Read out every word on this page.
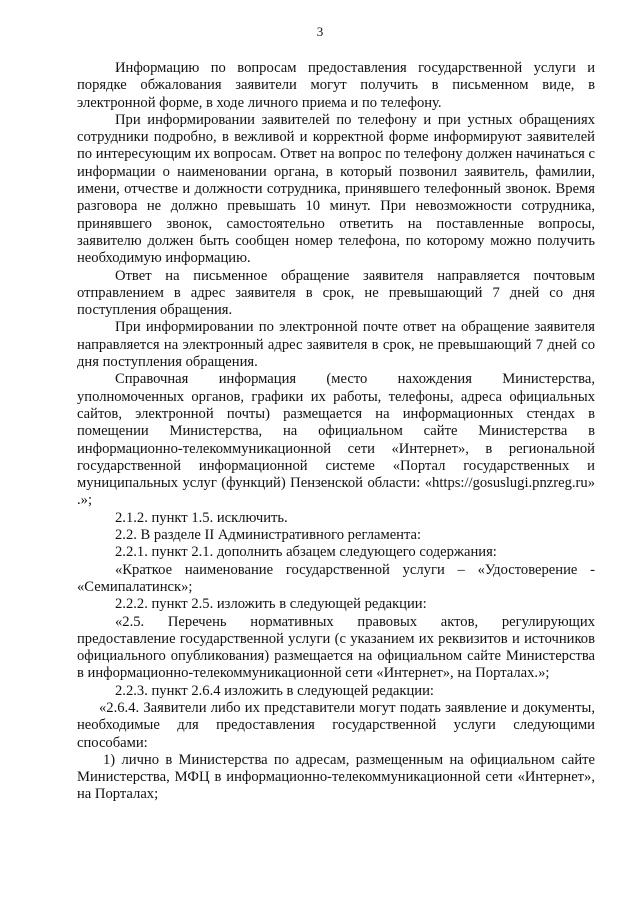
3

Информацию по вопросам предоставления государственной услуги и порядке обжалования заявители могут получить в письменном виде, в электронной форме, в ходе личного приема и по телефону.

При информировании заявителей по телефону и при устных обращениях сотрудники подробно, в вежливой и корректной форме информируют заявителей по интересующим их вопросам. Ответ на вопрос по телефону должен начинаться с информации о наименовании органа, в который позвонил заявитель, фамилии, имени, отчестве и должности сотрудника, принявшего телефонный звонок. Время разговора не должно превышать 10 минут. При невозможности сотрудника, принявшего звонок, самостоятельно ответить на поставленные вопросы, заявителю должен быть сообщен номер телефона, по которому можно получить необходимую информацию.

Ответ на письменное обращение заявителя направляется почтовым отправлением в адрес заявителя в срок, не превышающий 7 дней со дня поступления обращения.

При информировании по электронной почте ответ на обращение заявителя направляется на электронный адрес заявителя в срок, не превышающий 7 дней со дня поступления обращения.

Справочная информация (место нахождения Министерства, уполномоченных органов, графики их работы, телефоны, адреса официальных сайтов, электронной почты) размещается на информационных стендах в помещении Министерства, на официальном сайте Министерства в информационно-телекоммуникационной сети «Интернет», в региональной государственной информационной системе «Портал государственных и муниципальных услуг (функций) Пензенской области: «https://gosuslugi.pnzreg.ru» .»;

2.1.2. пункт 1.5. исключить.

2.2. В разделе II Административного регламента:

2.2.1. пункт 2.1. дополнить абзацем следующего содержания:

«Краткое наименование государственной услуги – «Удостоверение - «Семипалатинск»;

2.2.2. пункт 2.5. изложить в следующей редакции:

«2.5. Перечень нормативных правовых актов, регулирующих предоставление государственной услуги (с указанием их реквизитов и источников официального опубликования) размещается на официальном сайте Министерства в информационно-телекоммуникационной сети «Интернет», на Порталах.»;

2.2.3. пункт 2.6.4 изложить в следующей редакции:

«2.6.4. Заявители либо их представители могут подать заявление и документы, необходимые для предоставления государственной услуги следующими способами:

1) лично в Министерства по адресам, размещенным на официальном сайте Министерства, МФЦ в информационно-телекоммуникационной сети «Интернет», на Порталах;
